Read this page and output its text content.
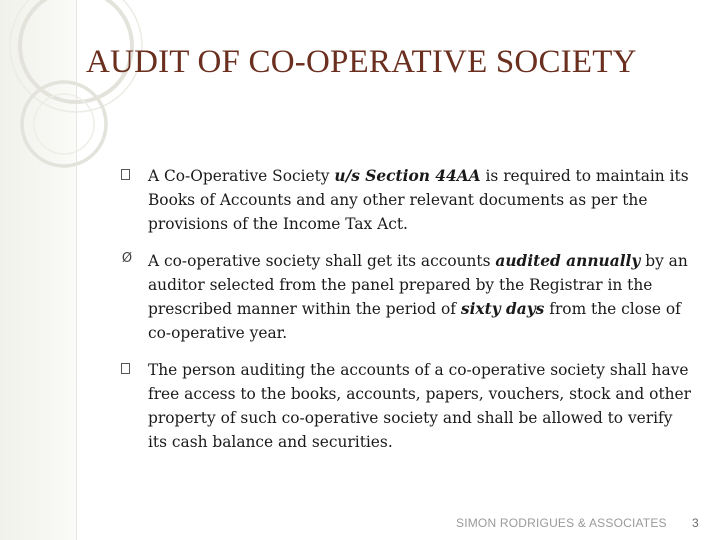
AUDIT OF CO-OPERATIVE SOCIETY
A Co-Operative Society u/s Section 44AA is required to maintain its Books of Accounts and any other relevant documents as per the provisions of the Income Tax Act.
Ø A co-operative society shall get its accounts audited annually by an auditor selected from the panel prepared by the Registrar in the prescribed manner within the period of sixty days from the close of co-operative year.
The person auditing the accounts of a co-operative society shall have free access to the books, accounts, papers, vouchers, stock and other property of such co-operative society and shall be allowed to verify its cash balance and securities.
SIMON RODRIGUES & ASSOCIATES 3
